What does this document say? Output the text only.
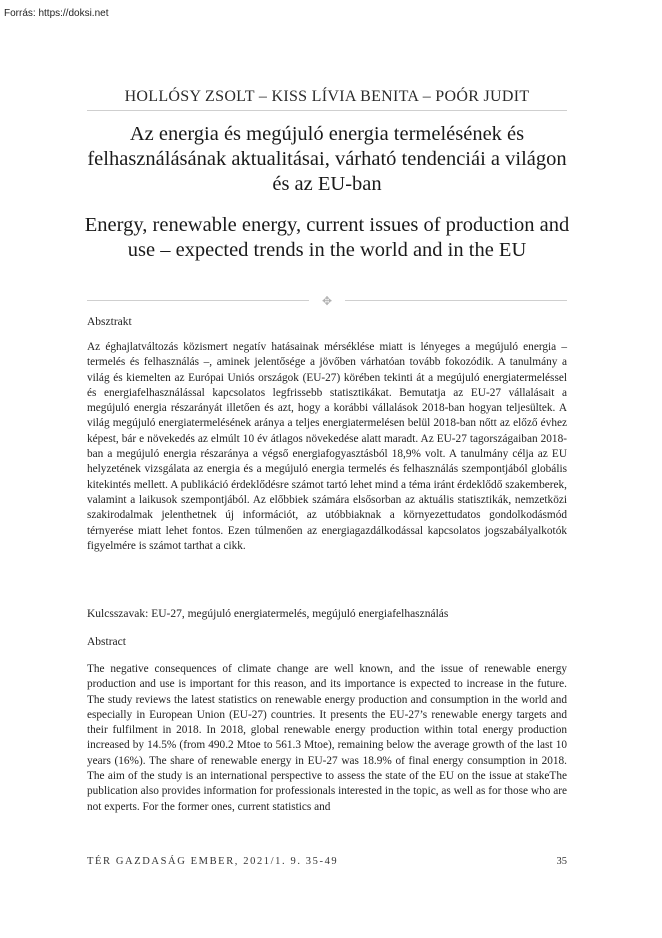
Forrás: https://doksi.net
HOLLÓSY ZSOLT – KISS LÍVIA BENITA – POÓR JUDIT
Az energia és megújuló energia termelésének és felhasználásának aktualitásai, várható tendenciái a világon és az EU-ban
Energy, renewable energy, current issues of production and use – expected trends in the world and in the EU
✥
Absztrakt

Az éghajlatváltozás közismert negatív hatásainak mérséklése miatt is lényeges a megújuló energia – termelés és felhasználás –, aminek jelentősége a jövőben várhatóan tovább fokozódik. A tanulmány a világ és kiemelten az Európai Uniós országok (EU-27) körében tekinti át a megújuló energiatermeléssel és energiafelhasználással kapcsolatos legfrissebb statisztikákat. Bemutatja az EU-27 vállalásait a megújuló energia részarányát illetően és azt, hogy a korábbi vállalások 2018-ban hogyan teljesültek. A világ megújuló energiatermelésének aránya a teljes energiatermelésen belül 2018-ban nőtt az előző évhez képest, bár e növekedés az elmúlt 10 év átlagos növekedése alatt maradt. Az EU-27 tagországaiban 2018-ban a megújuló energia részaránya a végső energiafogyasztásból 18,9% volt. A tanulmány célja az EU helyzetének vizsgálata az energia és a megújuló energia termelés és felhasználás szempontjából globális kitekintés mellett. A publikáció érdeklődésre számot tartó lehet mind a téma iránt érdeklődő szakemberek, valamint a laikusok szempontjából. Az előbbiek számára elsősorban az aktuális statisztikák, nemzetközi szakirodalmak jelenthetnek új információt, az utóbbiaknak a környezettudatos gondolkodásmód térnyerése miatt lehet fontos. Ezen túlmenően az energiagazdálkodással kapcsolatos jogszabályalkotók figyelmére is számot tarthat a cikk.

Kulcsszavak: EU-27, megújuló energiatermelés, megújuló energiafelhasználás
Abstract

The negative consequences of climate change are well known, and the issue of renewable energy production and use is important for this reason, and its importance is expected to increase in the future. The study reviews the latest statistics on renewable energy production and consumption in the world and especially in European Union (EU-27) countries. It presents the EU-27’s renewable energy targets and their fulfilment in 2018. In 2018, global renewable energy production within total energy production increased by 14.5% (from 490.2 Mtoe to 561.3 Mtoe), remaining below the average growth of the last 10 years (16%). The share of renewable energy in EU-27 was 18.9% of final energy consumption in 2018. The aim of the study is an international perspective to assess the state of the EU on the issue at stakeThe publication also provides information for professionals interested in the topic, as well as for those who are not experts. For the former ones, current statistics and

TÉR GAZDASÁG EMBER, 2021/1. 9. 35-49	35
